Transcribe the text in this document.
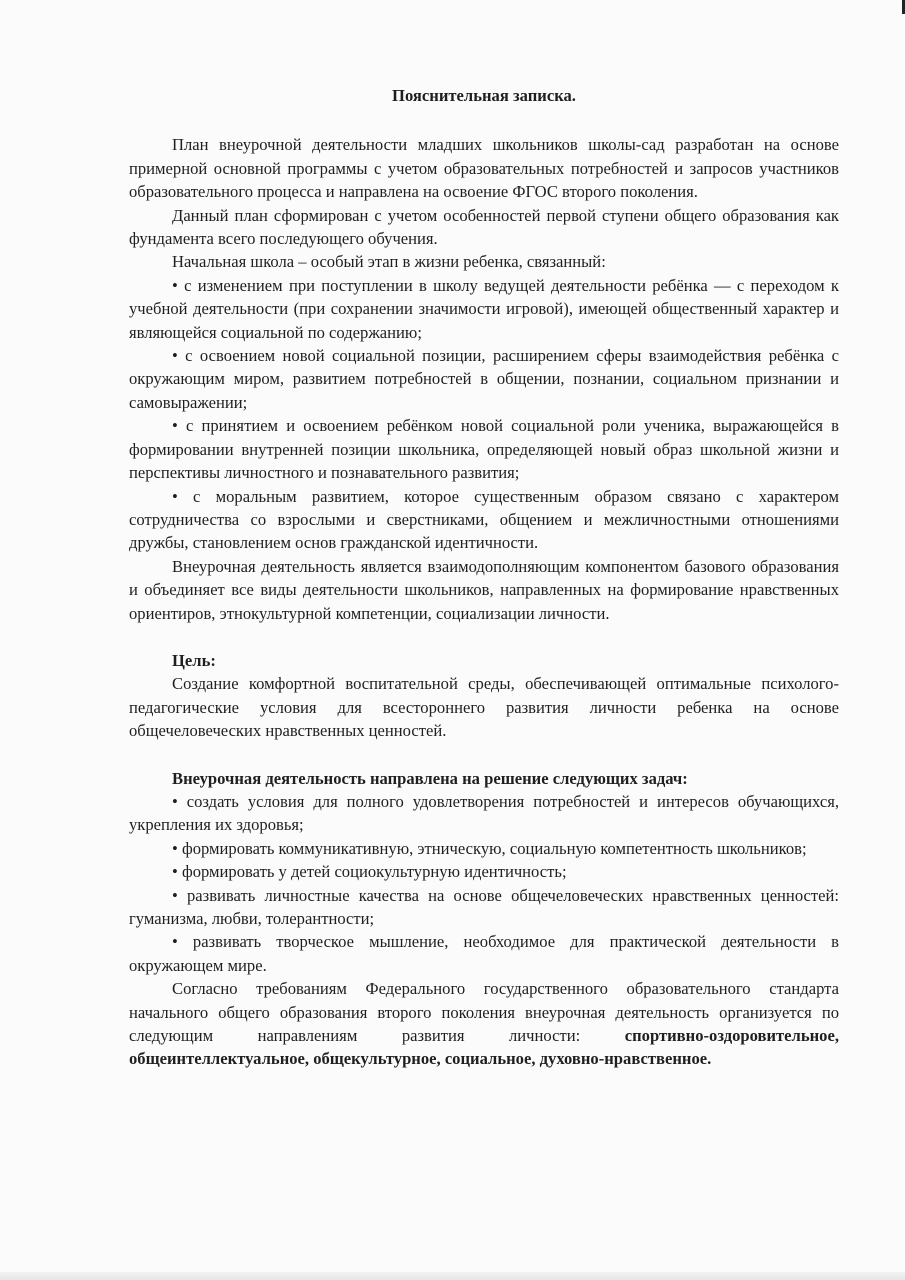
Пояснительная записка.

План внеурочной деятельности младших школьников школы-сад разработан на основе примерной основной программы с учетом образовательных потребностей и запросов участников образовательного процесса и направлена на освоение ФГОС второго поколения.

Данный план сформирован с учетом особенностей первой ступени общего образования как фундамента всего последующего обучения.

Начальная школа – особый этап в жизни ребенка, связанный:

• с изменением при поступлении в школу ведущей деятельности ребёнка — с переходом к учебной деятельности (при сохранении значимости игровой), имеющей общественный характер и являющейся социальной по содержанию;

• с освоением новой социальной позиции, расширением сферы взаимодействия ребёнка с окружающим миром, развитием потребностей в общении, познании, социальном признании и самовыражении;

• с принятием и освоением ребёнком новой социальной роли ученика, выражающейся в формировании внутренней позиции школьника, определяющей новый образ школьной жизни и перспективы личностного и познавательного развития;

• с моральным развитием, которое существенным образом связано с характером сотрудничества со взрослыми и сверстниками, общением и межличностными отношениями дружбы, становлением основ гражданской идентичности.

Внеурочная деятельность является взаимодополняющим компонентом базового образования и объединяет все виды деятельности школьников, направленных на формирование нравственных ориентиров, этнокультурной компетенции, социализации личности.

Цель:

Создание комфортной воспитательной среды, обеспечивающей оптимальные психолого-педагогические условия для всестороннего развития личности ребенка на основе общечеловеческих нравственных ценностей.

Внеурочная деятельность направлена на решение следующих задач:

• создать условия для полного удовлетворения потребностей и интересов обучающихся, укрепления их здоровья;

• формировать коммуникативную, этническую, социальную компетентность школьников;

• формировать у детей социокультурную идентичность;

• развивать личностные качества на основе общечеловеческих нравственных ценностей: гуманизма, любви, толерантности;

• развивать творческое мышление, необходимое для практической деятельности в окружающем мире.

Согласно требованиям Федерального государственного образовательного стандарта начального общего образования второго поколения внеурочная деятельность организуется по следующим направлениям развития личности: спортивно-оздоровительное, общеинтеллектуальное, общекультурное, социальное, духовно-нравственное.
